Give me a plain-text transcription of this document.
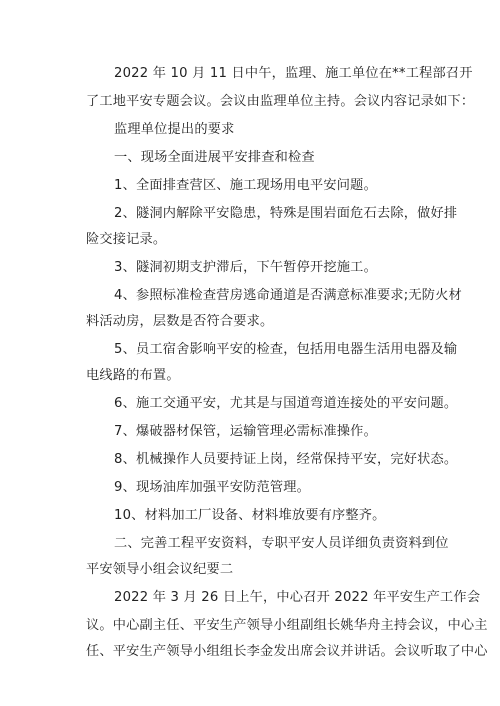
2022 年 10 月 11 日中午，监理、施工单位在**工程部召开
了工地平安专题会议。会议由监理单位主持。会议内容记录如下：
监理单位提出的要求
一、现场全面进展平安排查和检查
1、全面排查营区、施工现场用电平安问题。
2、隧洞内解除平安隐患，特殊是围岩面危石去除，做好排
险交接记录。
3、隧洞初期支护滞后，下午暂停开挖施工。
4、参照标准检查营房逃命通道是否满意标准要求;无防火材
料活动房，层数是否符合要求。
5、员工宿舍影响平安的检查，包括用电器生活用电器及输
电线路的布置。
6、施工交通平安，尤其是与国道弯道连接处的平安问题。
7、爆破器材保管，运输管理必需标准操作。
8、机械操作人员要持证上岗，经常保持平安，完好状态。
9、现场油库加强平安防范管理。
10、材料加工厂设备、材料堆放要有序整齐。
二、完善工程平安资料，专职平安人员详细负责资料到位
平安领导小组会议纪要二
2022 年 3 月 26 日上午，中心召开 2022 年平安生产工作会
议。中心副主任、平安生产领导小组副组长姚华舟主持会议，中心主
任、平安生产领导小组组长李金发出席会议并讲话。会议听取了中心
